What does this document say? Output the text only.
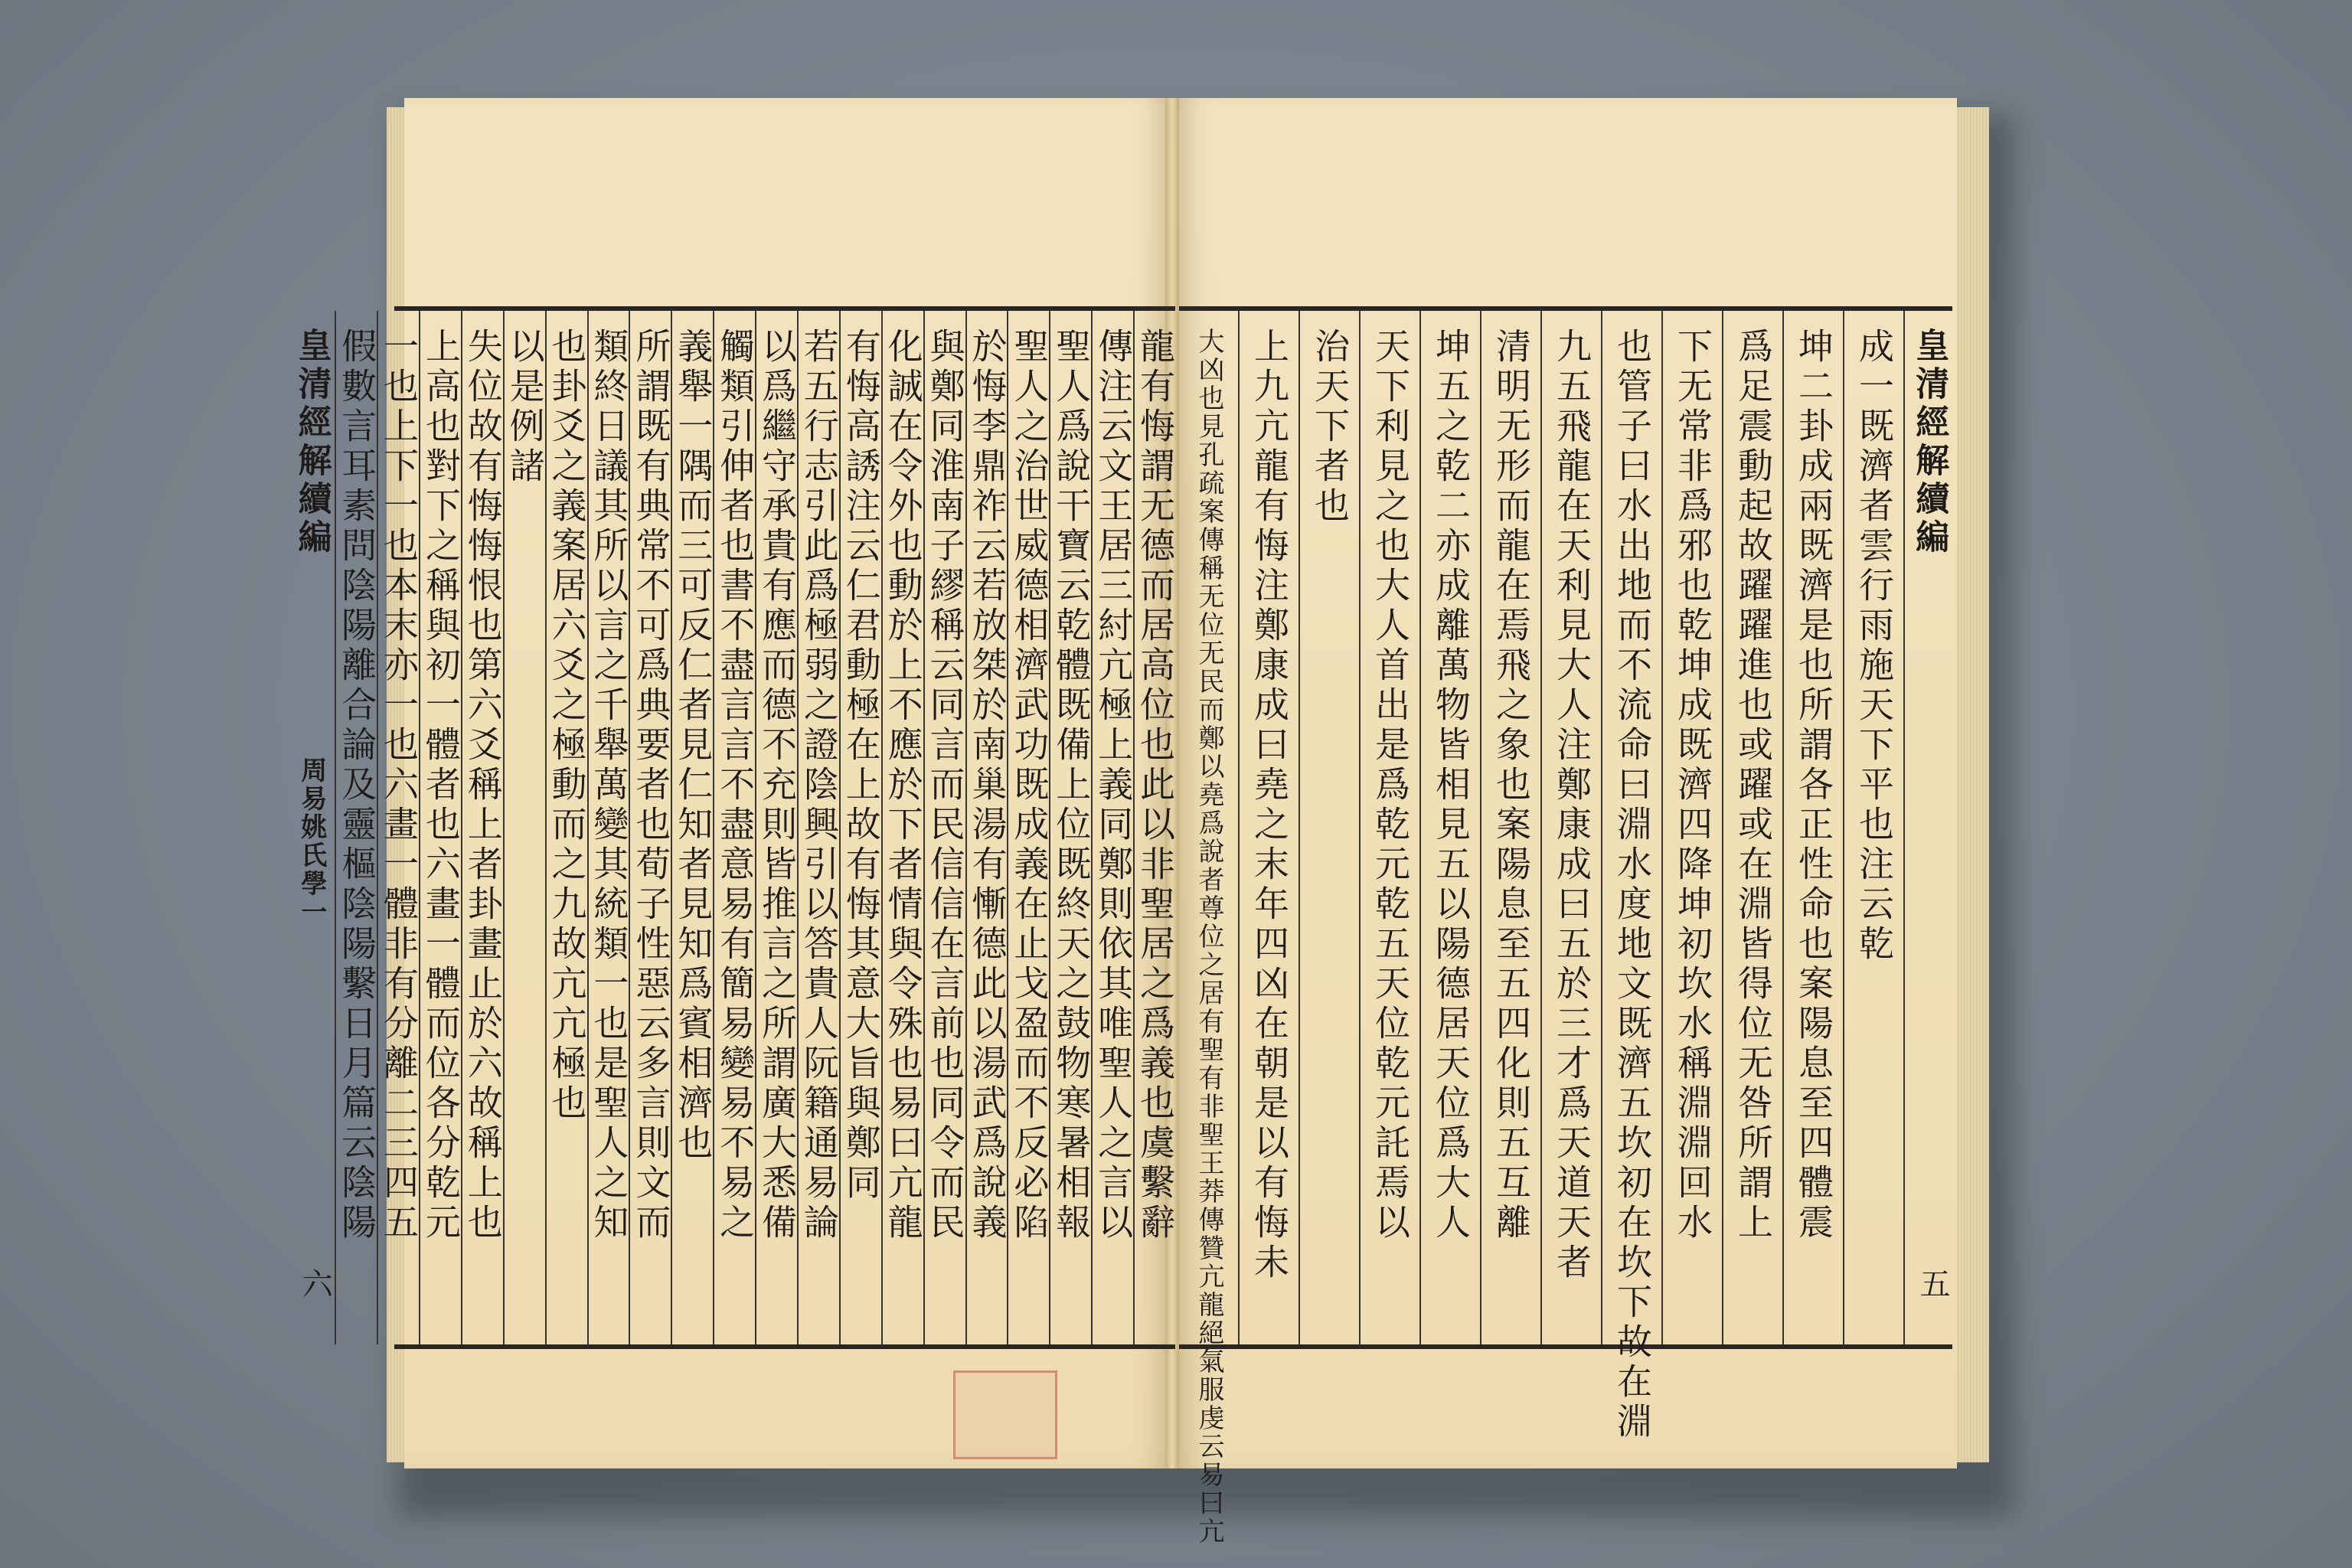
龍有悔謂无德而居高位也此以非聖居之爲義也虞繫辭
傳注云文王居三紂亢極上義同鄭則依其唯聖人之言以
聖人爲說干寶云乾體既備上位既終天之鼓物寒暑相報
聖人之治世威德相濟武功既成義在止戈盈而不反必陷
於悔李鼎祚云若放桀於南巢湯有慚德此以湯武爲說義
與鄭同淮南子繆稱云同言而民信信在言前也同令而民
化誠在令外也動於上不應於下者情與令殊也易曰亢龍
有悔高誘注云仁君動極在上故有悔其意大旨與鄭同
若五行志引此爲極弱之證陰興引以答貴人阮籍通易論
以爲繼守承貴有應而德不充則皆推言之所謂廣大悉備
觸類引伸者也書不盡言言不盡意易有簡易變易不易之
義舉一隅而三可反仁者見仁知者見知爲賓相濟也
所謂既有典常不可爲典要者也荀子性惡云多言則文而
類終日議其所以言之千舉萬變其統類一也是聖人之知
也卦爻之義案居六爻之極動而之九故亢亢極也
以是例諸
失位故有悔悔恨也第六爻稱上者卦畫止於六故稱上也
上高也對下之稱與初一體者也六畫一體而位各分乾元
一也上下一也本末亦一也六畫一體非有分離二三四五
假數言耳素問陰陽離合論及靈樞陰陽繫日月篇云陰陽
皇清經解續編
周易姚氏學一
六
皇清經解續編
五
成一既濟者雲行雨施天下平也注云乾
坤二卦成兩既濟是也所謂各正性命也案陽息至四體震
爲足震動起故躍躍進也或躍或在淵皆得位无咎所謂上
下无常非爲邪也乾坤成既濟四降坤初坎水稱淵淵回水
也管子曰水出地而不流命曰淵水度地文既濟五坎初在坎下故在淵
九五飛龍在天利見大人注鄭康成曰五於三才爲天道天者
清明无形而龍在焉飛之象也案陽息至五四化則五互離
坤五之乾二亦成離萬物皆相見五以陽德居天位爲大人
天下利見之也大人首出是爲乾元乾五天位乾元託焉以
治天下者也
上九亢龍有悔注鄭康成曰堯之末年四凶在朝是以有悔未
大凶也見孔疏案傳稱无位无民而鄭以堯爲說者尊位之居有聖有非聖王莽傳贊亢龍絕氣服虔云易曰亢
